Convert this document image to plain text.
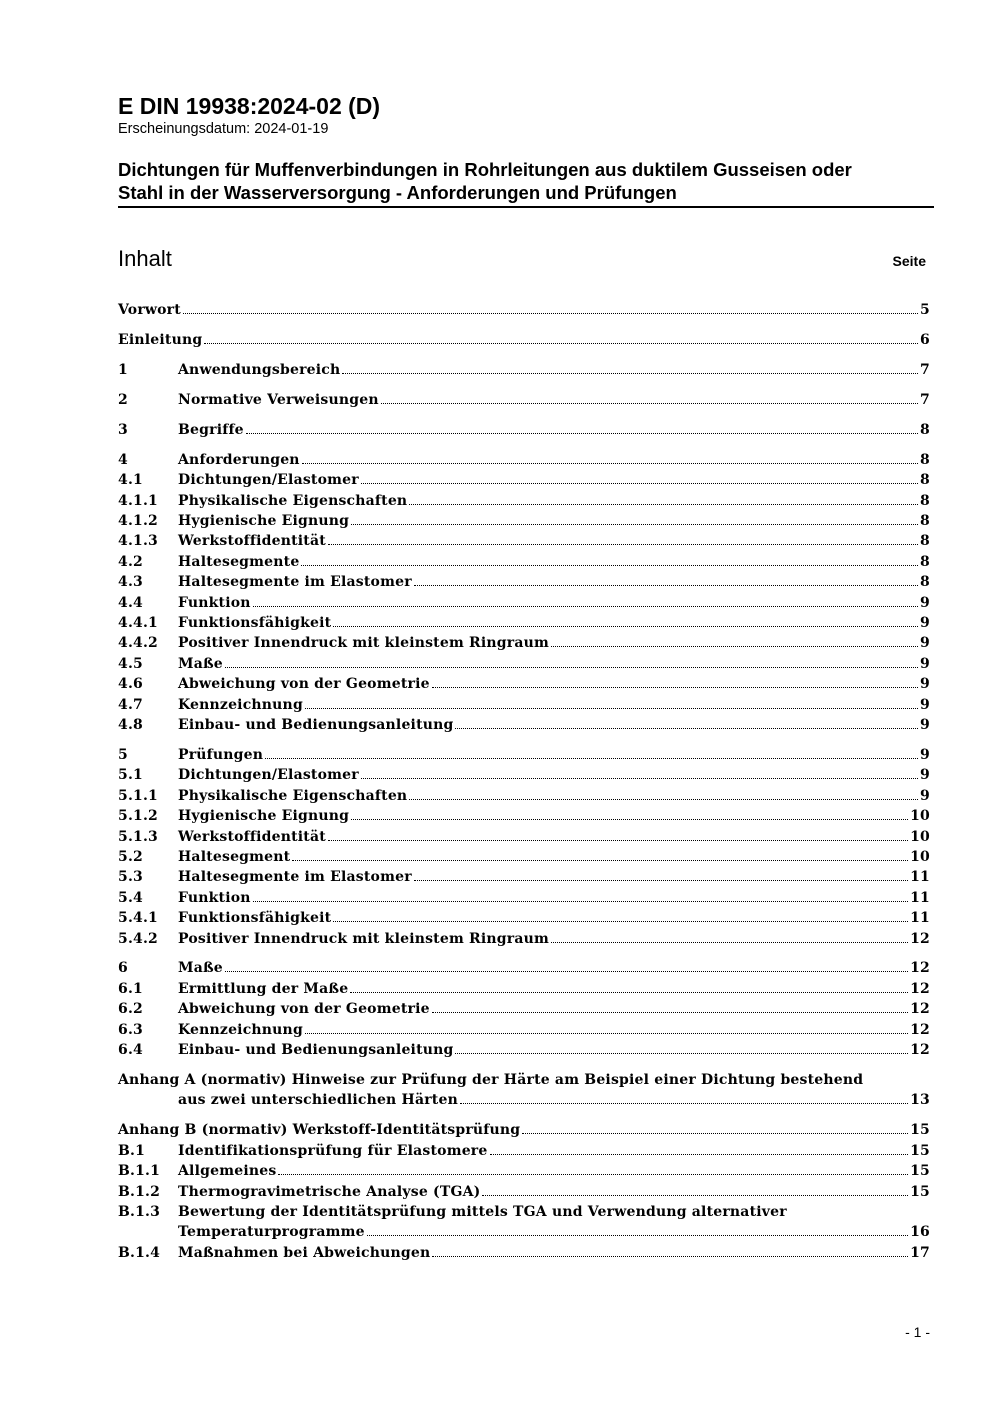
E DIN 19938:2024-02 (D)

Erscheinungsdatum: 2024-01-19

Dichtungen für Muffenverbindungen in Rohrleitungen aus duktilem Gusseisen oder
Stahl in der Wasserversorgung - Anforderungen und Prüfungen
Inhalt	Seite
Vorwort	5
Einleitung	6
1	Anwendungsbereich	7
2	Normative Verweisungen	7
3	Begriffe	8
4	Anforderungen	8
4.1	Dichtungen/Elastomer	8
4.1.1	Physikalische Eigenschaften	8
4.1.2	Hygienische Eignung	8
4.1.3	Werkstoffidentität	8
4.2	Haltesegmente	8
4.3	Haltesegmente im Elastomer	8
4.4	Funktion	9
4.4.1	Funktionsfähigkeit	9
4.4.2	Positiver Innendruck mit kleinstem Ringraum	9
4.5	Maße	9
4.6	Abweichung von der Geometrie	9
4.7	Kennzeichnung	9
4.8	Einbau- und Bedienungsanleitung	9
5	Prüfungen	9
5.1	Dichtungen/Elastomer	9
5.1.1	Physikalische Eigenschaften	9
5.1.2	Hygienische Eignung	10
5.1.3	Werkstoffidentität	10
5.2	Haltesegment	10
5.3	Haltesegmente im Elastomer	11
5.4	Funktion	11
5.4.1	Funktionsfähigkeit	11
5.4.2	Positiver Innendruck mit kleinstem Ringraum	12
6	Maße	12
6.1	Ermittlung der Maße	12
6.2	Abweichung von der Geometrie	12
6.3	Kennzeichnung	12
6.4	Einbau- und Bedienungsanleitung	12
Anhang A (normativ) Hinweise zur Prüfung der Härte am Beispiel einer Dichtung bestehend
aus zwei unterschiedlichen Härten	13
Anhang B (normativ) Werkstoff-Identitätsprüfung	15
B.1	Identifikationsprüfung für Elastomere	15
B.1.1	Allgemeines	15
B.1.2	Thermogravimetrische Analyse (TGA)	15
B.1.3	Bewertung der Identitätsprüfung mittels TGA und Verwendung alternativer
Temperaturprogramme	16
B.1.4	Maßnahmen bei Abweichungen	17
- 1 -
